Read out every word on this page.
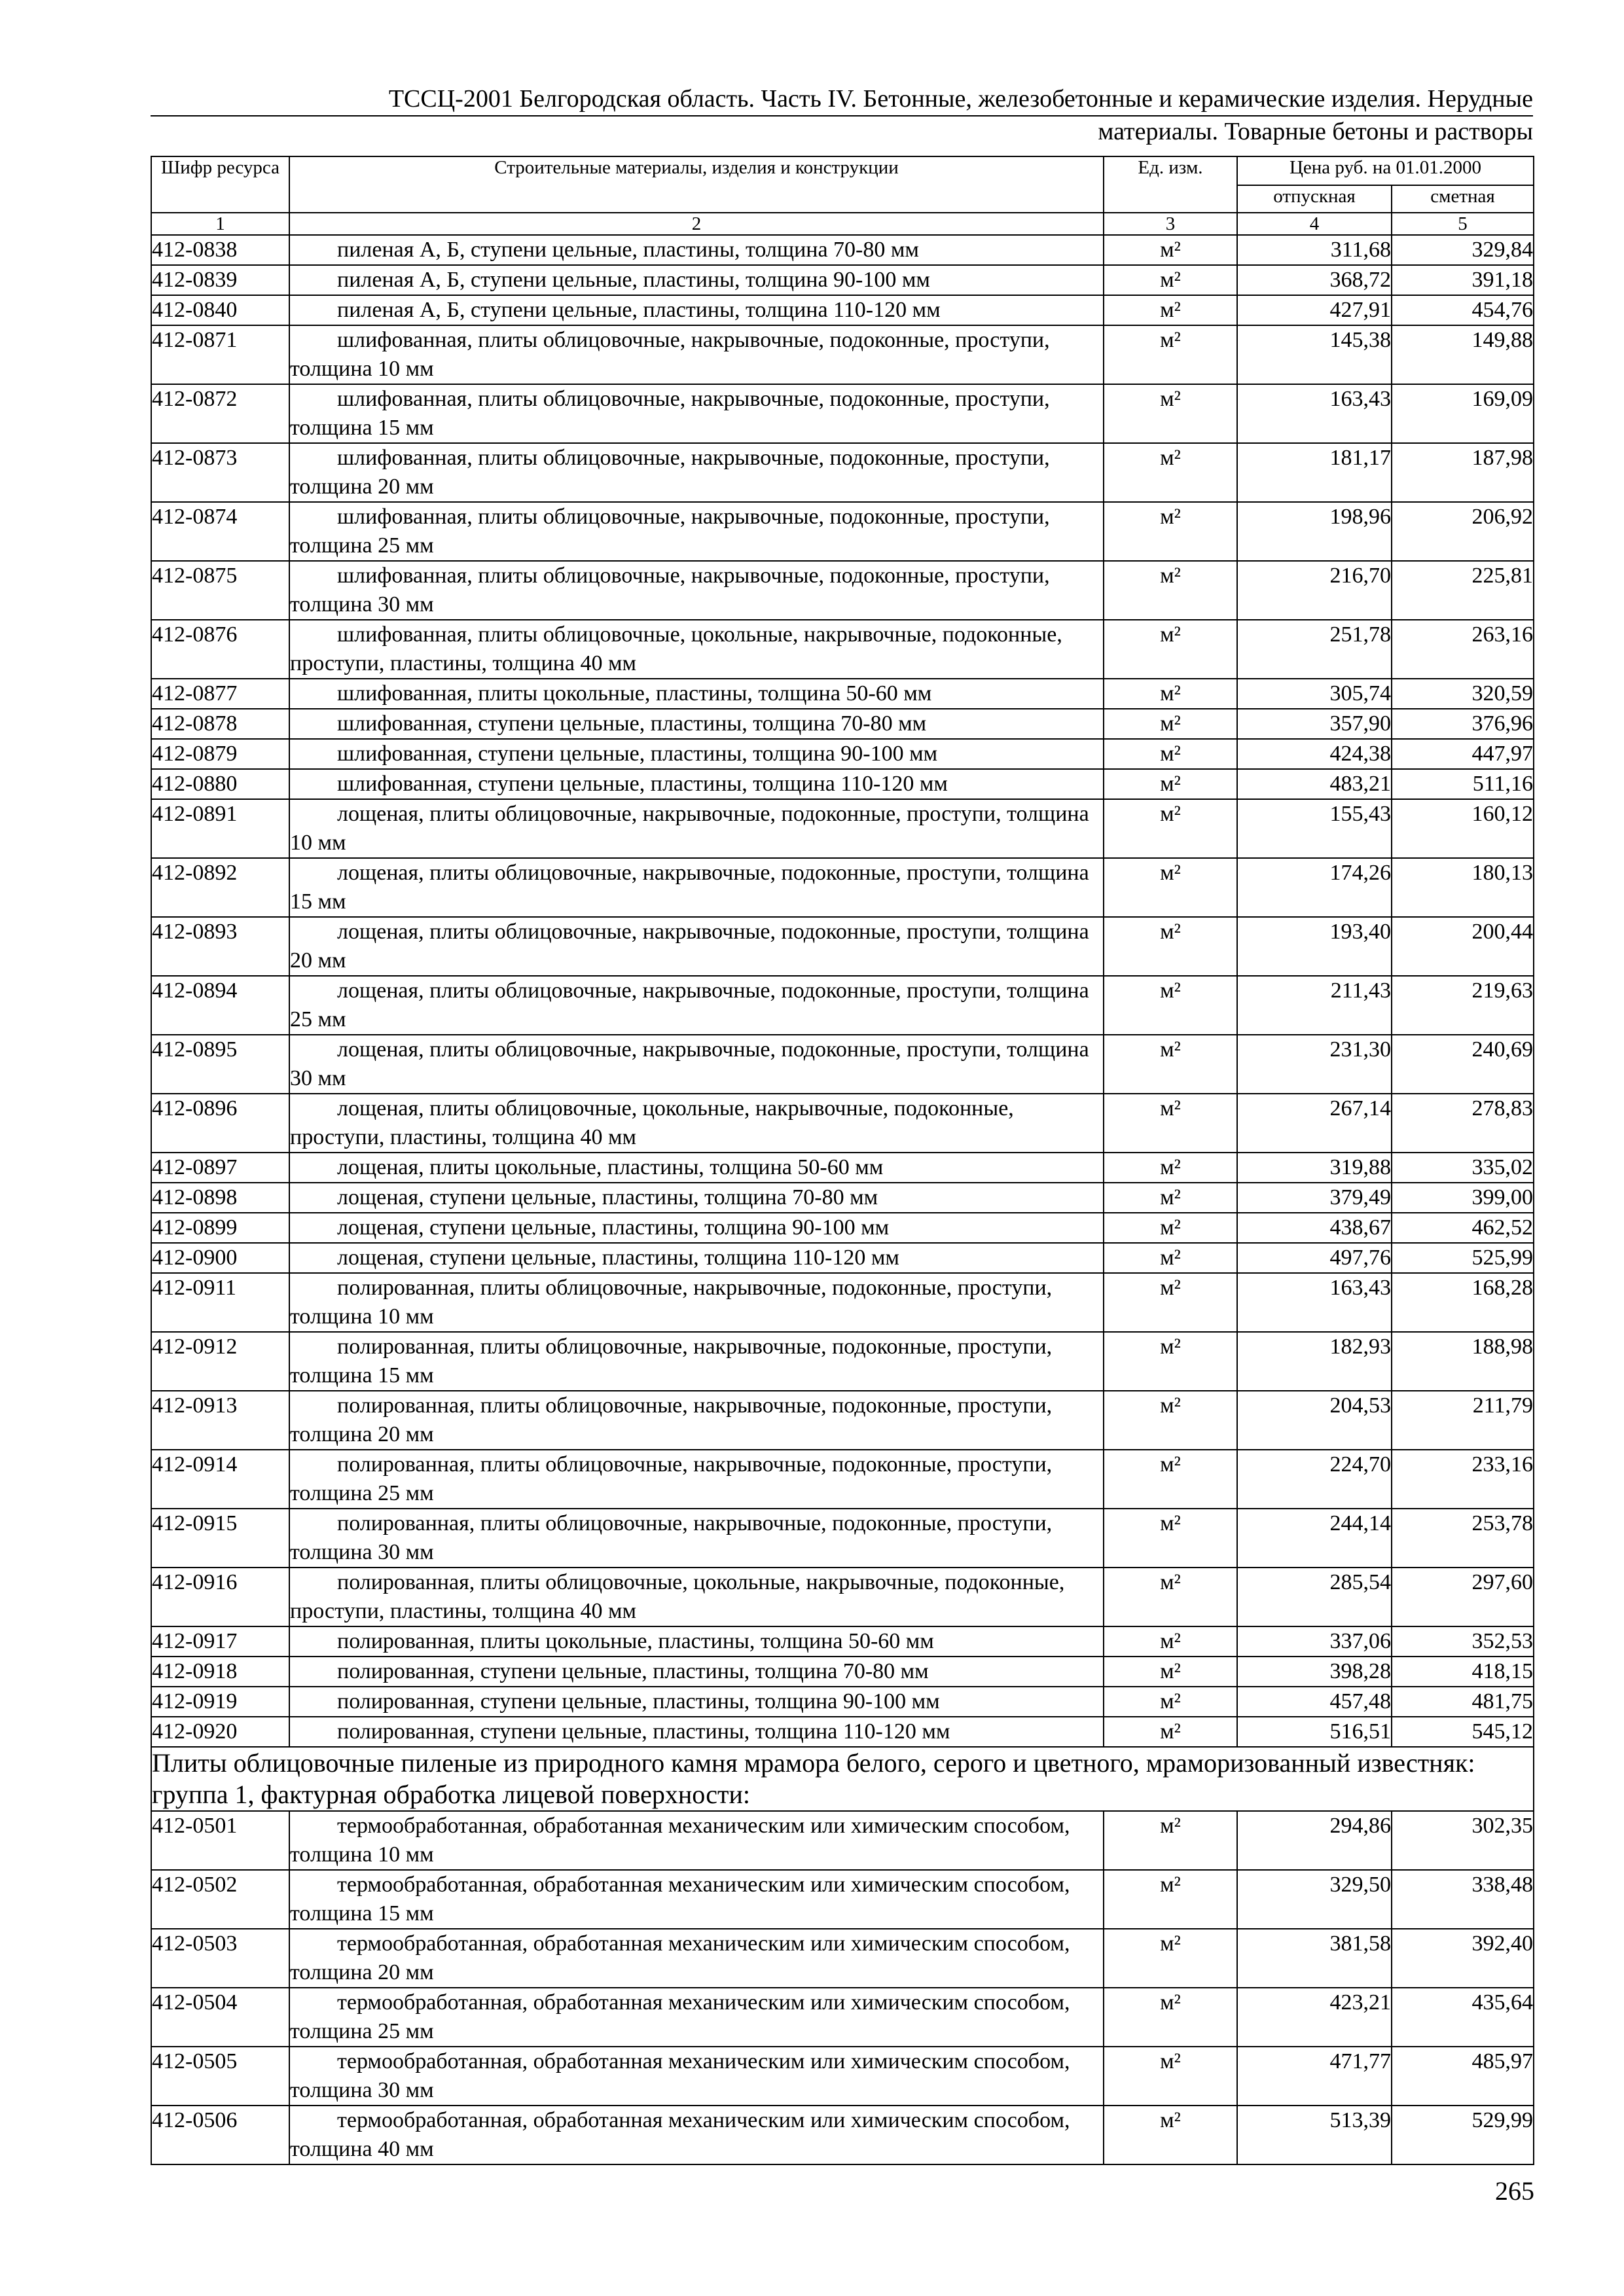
ТССЦ-2001 Белгородская область. Часть IV. Бетонные, железобетонные и керамические изделия. Нерудные
материалы. Товарные бетоны и растворы
Шифр ресурса	Строительные материалы, изделия и конструкции	Ед. изм.	Цена руб. на 01.01.2000	
			отпускная	сметная
1	2	3	4	5
412-0838	пиленая А, Б, ступени цельные, пластины, толщина 70-80 мм	м²	311,68	329,84
412-0839	пиленая А, Б, ступени цельные, пластины, толщина 90-100 мм	м²	368,72	391,18
412-0840	пиленая А, Б, ступени цельные, пластины, толщина 110-120 мм	м²	427,91	454,76
412-0871	шлифованная, плиты облицовочные, накрывочные, подоконные, проступи, толщина 10 мм	м²	145,38	149,88
412-0872	шлифованная, плиты облицовочные, накрывочные, подоконные, проступи, толщина 15 мм	м²	163,43	169,09
412-0873	шлифованная, плиты облицовочные, накрывочные, подоконные, проступи, толщина 20 мм	м²	181,17	187,98
412-0874	шлифованная, плиты облицовочные, накрывочные, подоконные, проступи, толщина 25 мм	м²	198,96	206,92
412-0875	шлифованная, плиты облицовочные, накрывочные, подоконные, проступи, толщина 30 мм	м²	216,70	225,81
412-0876	шлифованная, плиты облицовочные, цокольные, накрывочные, подоконные, проступи, пластины, толщина 40 мм	м²	251,78	263,16
412-0877	шлифованная, плиты цокольные, пластины, толщина 50-60 мм	м²	305,74	320,59
412-0878	шлифованная, ступени цельные, пластины, толщина 70-80 мм	м²	357,90	376,96
412-0879	шлифованная, ступени цельные, пластины, толщина 90-100 мм	м²	424,38	447,97
412-0880	шлифованная, ступени цельные, пластины, толщина 110-120 мм	м²	483,21	511,16
412-0891	лощеная, плиты облицовочные, накрывочные, подоконные, проступи, толщина 10 мм	м²	155,43	160,12
412-0892	лощеная, плиты облицовочные, накрывочные, подоконные, проступи, толщина 15 мм	м²	174,26	180,13
412-0893	лощеная, плиты облицовочные, накрывочные, подоконные, проступи, толщина 20 мм	м²	193,40	200,44
412-0894	лощеная, плиты облицовочные, накрывочные, подоконные, проступи, толщина 25 мм	м²	211,43	219,63
412-0895	лощеная, плиты облицовочные, накрывочные, подоконные, проступи, толщина 30 мм	м²	231,30	240,69
412-0896	лощеная, плиты облицовочные, цокольные, накрывочные, подоконные, проступи, пластины, толщина 40 мм	м²	267,14	278,83
412-0897	лощеная, плиты цокольные, пластины, толщина 50-60 мм	м²	319,88	335,02
412-0898	лощеная, ступени цельные, пластины, толщина 70-80 мм	м²	379,49	399,00
412-0899	лощеная, ступени цельные, пластины, толщина 90-100 мм	м²	438,67	462,52
412-0900	лощеная, ступени цельные, пластины, толщина 110-120 мм	м²	497,76	525,99
412-0911	полированная, плиты облицовочные, накрывочные, подоконные, проступи, толщина 10 мм	м²	163,43	168,28
412-0912	полированная, плиты облицовочные, накрывочные, подоконные, проступи, толщина 15 мм	м²	182,93	188,98
412-0913	полированная, плиты облицовочные, накрывочные, подоконные, проступи, толщина 20 мм	м²	204,53	211,79
412-0914	полированная, плиты облицовочные, накрывочные, подоконные, проступи, толщина 25 мм	м²	224,70	233,16
412-0915	полированная, плиты облицовочные, накрывочные, подоконные, проступи, толщина 30 мм	м²	244,14	253,78
412-0916	полированная, плиты облицовочные, цокольные, накрывочные, подоконные, проступи, пластины, толщина 40 мм	м²	285,54	297,60
412-0917	полированная, плиты цокольные, пластины, толщина 50-60 мм	м²	337,06	352,53
412-0918	полированная, ступени цельные, пластины, толщина 70-80 мм	м²	398,28	418,15
412-0919	полированная, ступени цельные, пластины, толщина 90-100 мм	м²	457,48	481,75
412-0920	полированная, ступени цельные, пластины, толщина 110-120 мм	м²	516,51	545,12
Плиты облицовочные пиленые из природного камня мрамора белого, серого и цветного, мраморизованный известняк: группа 1, фактурная обработка лицевой поверхности:				
412-0501	термообработанная, обработанная механическим или химическим способом, толщина 10 мм	м²	294,86	302,35
412-0502	термообработанная, обработанная механическим или химическим способом, толщина 15 мм	м²	329,50	338,48
412-0503	термообработанная, обработанная механическим или химическим способом, толщина 20 мм	м²	381,58	392,40
412-0504	термообработанная, обработанная механическим или химическим способом, толщина 25 мм	м²	423,21	435,64
412-0505	термообработанная, обработанная механическим или химическим способом, толщина 30 мм	м²	471,77	485,97
412-0506	термообработанная, обработанная механическим или химическим способом, толщина 40 мм	м²	513,39	529,99
265
